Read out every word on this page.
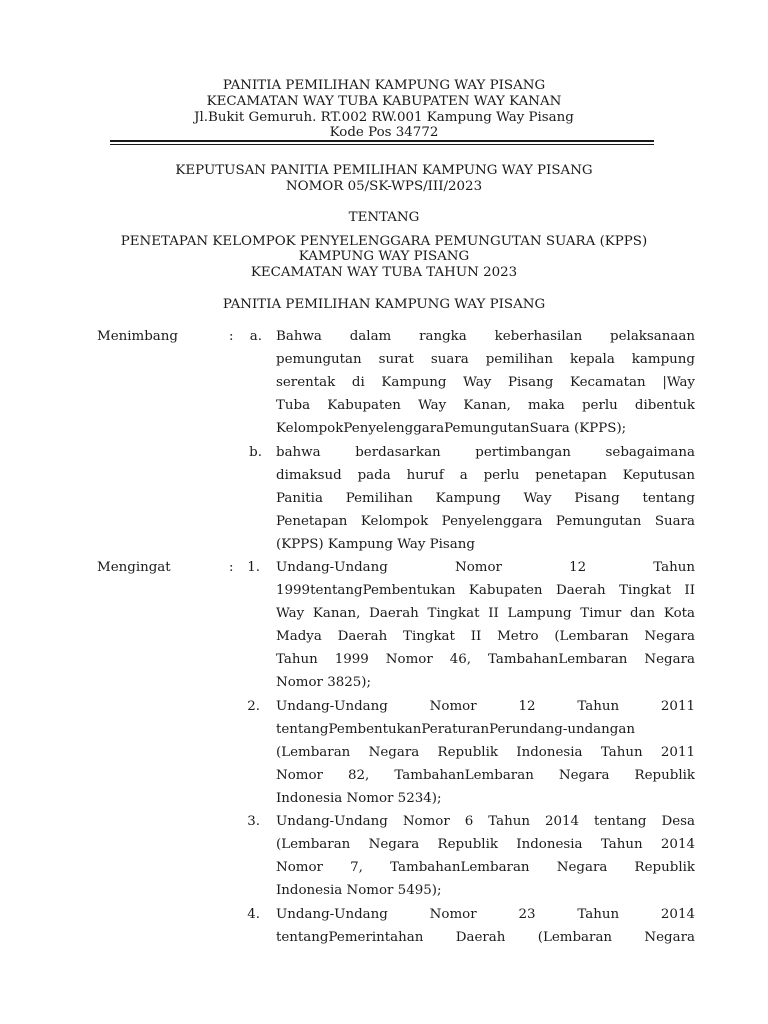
PANITIA PEMILIHAN KAMPUNG WAY PISANG
KECAMATAN WAY TUBA KABUPATEN WAY KANAN
Jl.Bukit Gemuruh. RT.002 RW.001 Kampung Way Pisang
Kode Pos 34772
KEPUTUSAN PANITIA PEMILIHAN KAMPUNG WAY PISANG
NOMOR 05/SK-WPS/III/2023
TENTANG
PENETAPAN KELOMPOK PENYELENGGARA PEMUNGUTAN SUARA (KPPS)
KAMPUNG WAY PISANG
KECAMATAN WAY TUBA TAHUN 2023
PANITIA PEMILIHAN KAMPUNG WAY PISANG
Menimbang	:	a. Bahwa dalam rangka keberhasilan pelaksanaan
pemungutan surat suara pemilihan kepala kampung
serentak di Kampung Way Pisang Kecamatan |Way
Tuba Kabupaten Way Kanan, maka perlu dibentuk
KelompokPenyelenggaraPemungutanSuara (KPPS);
b. bahwa berdasarkan pertimbangan sebagaimana
dimaksud pada huruf a perlu penetapan Keputusan
Panitia Pemilihan Kampung Way Pisang tentang
Penetapan Kelompok Penyelenggara Pemungutan Suara
(KPPS) Kampung Way Pisang
Mengingat	:	1. Undang-Undang Nomor 12 Tahun
1999tentangPembentukan Kabupaten Daerah Tingkat II
Way Kanan, Daerah Tingkat II Lampung Timur dan Kota
Madya Daerah Tingkat II Metro (Lembaran Negara
Tahun 1999 Nomor 46, TambahanLembaran Negara
Nomor 3825);
2. Undang-Undang Nomor 12 Tahun 2011
tentangPembentukanPeraturanPerundang-undangan
(Lembaran Negara Republik Indonesia Tahun 2011
Nomor 82, TambahanLembaran Negara Republik
Indonesia Nomor 5234);
3. Undang-Undang Nomor 6 Tahun 2014 tentang Desa
(Lembaran Negara Republik Indonesia Tahun 2014
Nomor 7, TambahanLembaran Negara Republik
Indonesia Nomor 5495);
4. Undang-Undang Nomor 23 Tahun 2014
tentangPemerintahan Daerah (Lembaran Negara
